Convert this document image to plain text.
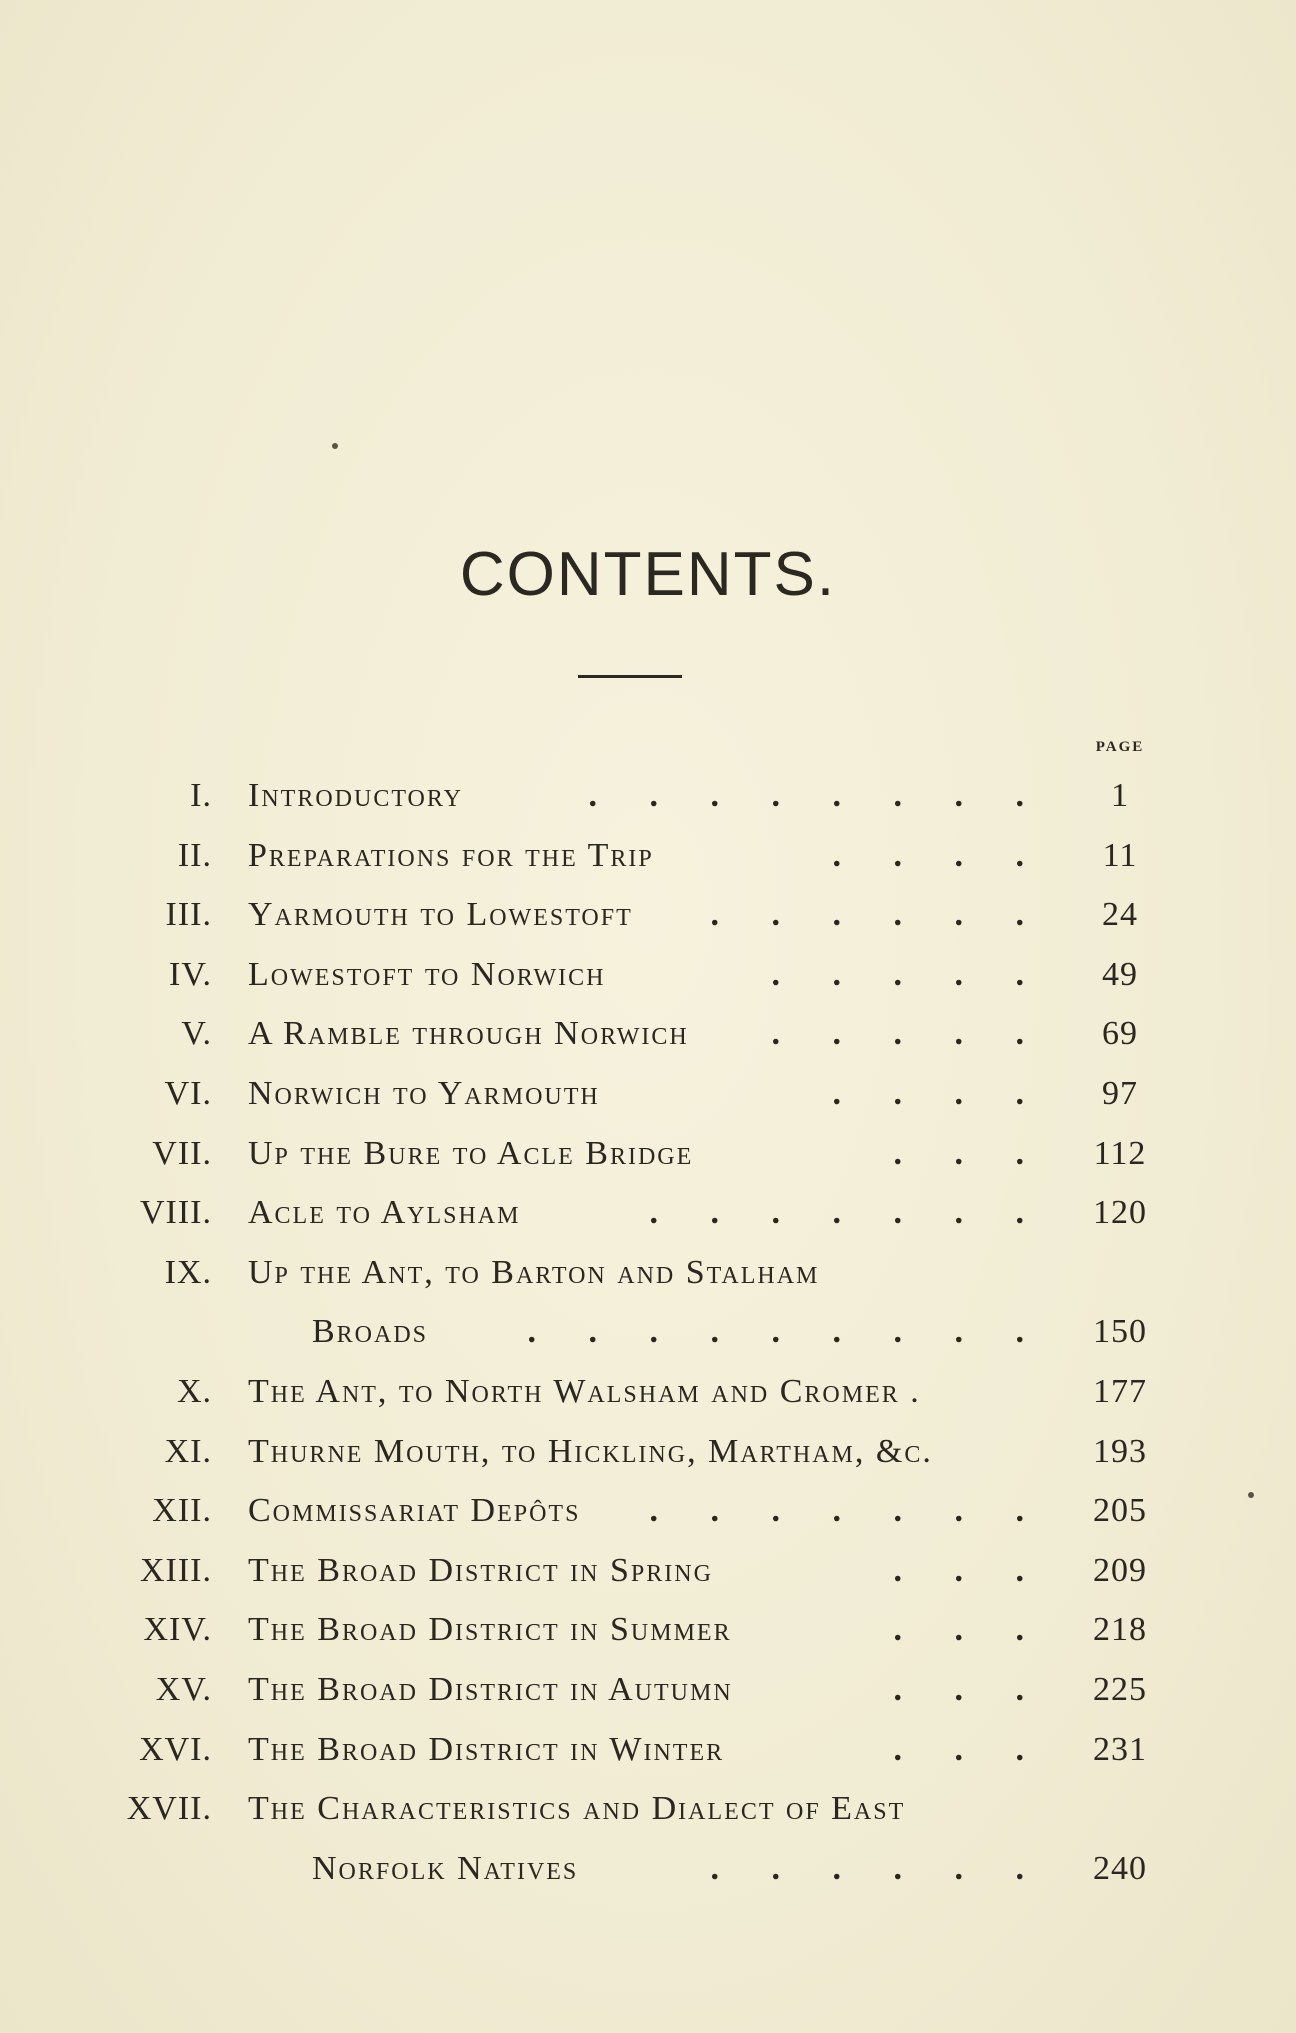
CONTENTS.
PAGE
I. Introductory	. . . . . . . .	1
II. Preparations for the Trip	. . . .	11
III. Yarmouth to Lowestoft . . . . . .	24
IV. Lowestoft to Norwich	. . . . .	49
V. A Ramble through Norwich . . . . .	69
VI. Norwich to Yarmouth	. . . .	97
VII. Up the Bure to Acle Bridge	. . .	112
VIII. Acle to Aylsham	. . . . . . .	120
IX. Up the Ant, to Barton and Stalham
Broads	. . . . . . . . .	150
X. The Ant, to North Walsham and Cromer .	177
XI. Thurne Mouth, to Hickling, Martham, &c.	193
XII. Commissariat Depôts . . . . . . .	205
XIII. The Broad District in Spring	. . .	209
XIV. The Broad District in Summer	. . .	218
XV. The Broad District in Autumn	. . .	225
XVI. The Broad District in Winter	. . .	231
XVII. The Characteristics and Dialect of East
Norfolk Natives	. . . . . .	240
